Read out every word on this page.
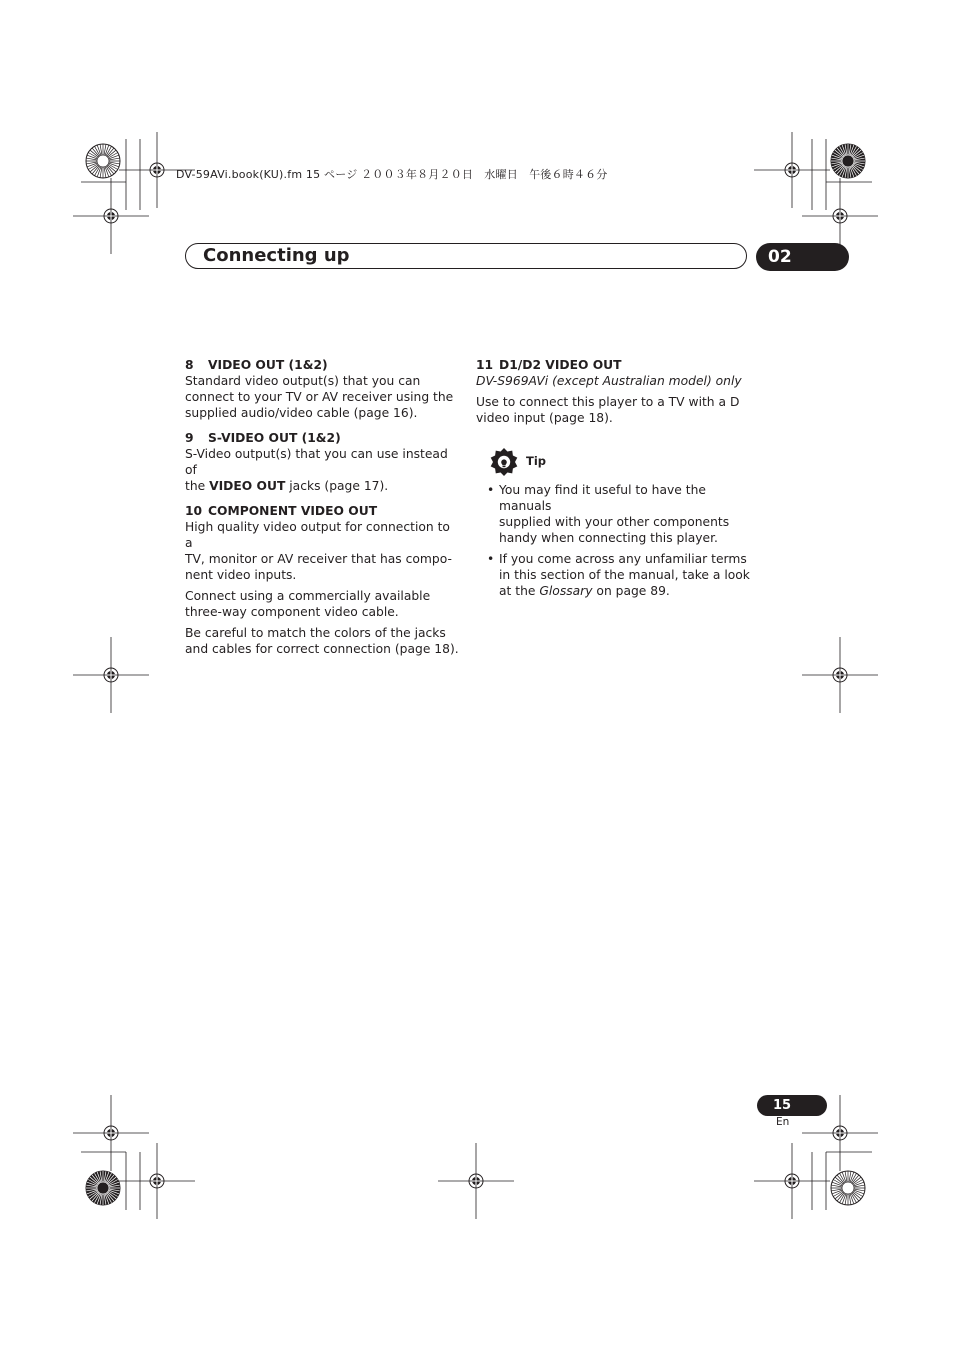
DV-59AVi.book(KU).fm 15 ページ ２００３年８月２０日　水曜日　午後６時４６分
Connecting up	02
8 VIDEO OUT (1&2)

Standard video output(s) that you can

connect to your TV or AV receiver using the

supplied audio/video cable (page 16).

9 S-VIDEO OUT (1&2)

S-Video output(s) that you can use instead of

the VIDEO OUT jacks (page 17).

10 COMPONENT VIDEO OUT

High quality video output for connection to a

TV, monitor or AV receiver that has compo-

nent video inputs.

Connect using a commercially available

three-way component video cable.

Be careful to match the colors of the jacks

and cables for correct connection (page 18).

11 D1/D2 VIDEO OUT

DV-S969AVi (except Australian model) only

Use to connect this player to a TV with a D

video input (page 18).

Tip
• You may find it useful to have the manuals

supplied with your other components

handy when connecting this player.

• If you come across any unfamiliar terms

in this section of the manual, take a look

at the Glossary on page 89.

15
En
